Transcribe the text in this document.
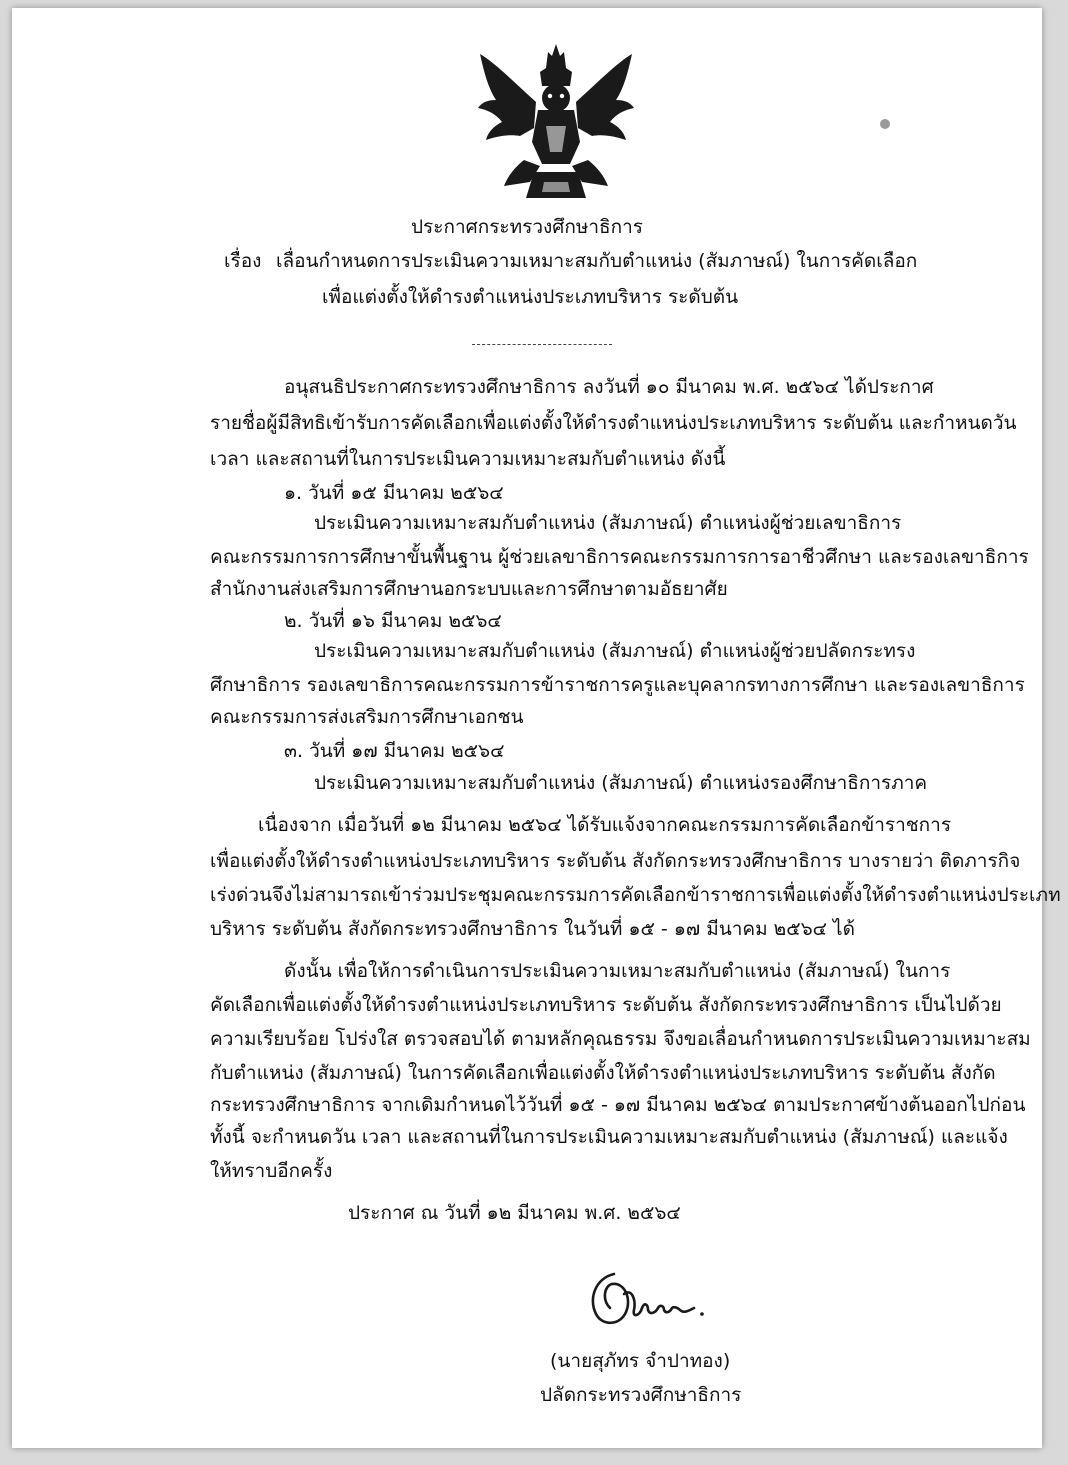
ประกาศกระทรวงศึกษาธิการ
เรื่อง เลื่อนกำหนดการประเมินความเหมาะสมกับตำแหน่ง (สัมภาษณ์) ในการคัดเลือก
เพื่อแต่งตั้งให้ดำรงตำแหน่งประเภทบริหาร ระดับต้น
อนุสนธิประกาศกระทรวงศึกษาธิการ ลงวันที่ ๑๐ มีนาคม พ.ศ. ๒๕๖๔ ได้ประกาศ
รายชื่อผู้มีสิทธิเข้ารับการคัดเลือกเพื่อแต่งตั้งให้ดำรงตำแหน่งประเภทบริหาร ระดับต้น และกำหนดวัน
เวลา และสถานที่ในการประเมินความเหมาะสมกับตำแหน่ง ดังนี้
๑. วันที่ ๑๕ มีนาคม ๒๕๖๔
ประเมินความเหมาะสมกับตำแหน่ง (สัมภาษณ์) ตำแหน่งผู้ช่วยเลขาธิการ
คณะกรรมการการศึกษาขั้นพื้นฐาน ผู้ช่วยเลขาธิการคณะกรรมการการอาชีวศึกษา และรองเลขาธิการ
สำนักงานส่งเสริมการศึกษานอกระบบและการศึกษาตามอัธยาศัย
๒. วันที่ ๑๖ มีนาคม ๒๕๖๔
ประเมินความเหมาะสมกับตำแหน่ง (สัมภาษณ์) ตำแหน่งผู้ช่วยปลัดกระทรง
ศึกษาธิการ รองเลขาธิการคณะกรรมการข้าราชการครูและบุคลากรทางการศึกษา และรองเลขาธิการ
คณะกรรมการส่งเสริมการศึกษาเอกชน
๓. วันที่ ๑๗ มีนาคม ๒๕๖๔
ประเมินความเหมาะสมกับตำแหน่ง (สัมภาษณ์) ตำแหน่งรองศึกษาธิการภาค
เนื่องจาก เมื่อวันที่ ๑๒ มีนาคม ๒๕๖๔ ได้รับแจ้งจากคณะกรรมการคัดเลือกข้าราชการ
เพื่อแต่งตั้งให้ดำรงตำแหน่งประเภทบริหาร ระดับต้น สังกัดกระทรวงศึกษาธิการ บางรายว่า ติดภารกิจ
เร่งด่วนจึงไม่สามารถเข้าร่วมประชุมคณะกรรมการคัดเลือกข้าราชการเพื่อแต่งตั้งให้ดำรงตำแหน่งประเภท
บริหาร ระดับต้น สังกัดกระทรวงศึกษาธิการ ในวันที่ ๑๕ - ๑๗ มีนาคม ๒๕๖๔ ได้
ดังนั้น เพื่อให้การดำเนินการประเมินความเหมาะสมกับตำแหน่ง (สัมภาษณ์) ในการ
คัดเลือกเพื่อแต่งตั้งให้ดำรงตำแหน่งประเภทบริหาร ระดับต้น สังกัดกระทรวงศึกษาธิการ เป็นไปด้วย
ความเรียบร้อย โปร่งใส ตรวจสอบได้ ตามหลักคุณธรรม จึงขอเลื่อนกำหนดการประเมินความเหมาะสม
กับตำแหน่ง (สัมภาษณ์) ในการคัดเลือกเพื่อแต่งตั้งให้ดำรงตำแหน่งประเภทบริหาร ระดับต้น สังกัด
กระทรวงศึกษาธิการ จากเดิมกำหนดไว้วันที่ ๑๕ - ๑๗ มีนาคม ๒๕๖๔ ตามประกาศข้างต้นออกไปก่อน
ทั้งนี้ จะกำหนดวัน เวลา และสถานที่ในการประเมินความเหมาะสมกับตำแหน่ง (สัมภาษณ์) และแจ้ง
ให้ทราบอีกครั้ง
ประกาศ ณ วันที่ ๑๒ มีนาคม พ.ศ. ๒๕๖๔
(นายสุภัทร จำปาทอง)
ปลัดกระทรวงศึกษาธิการ
